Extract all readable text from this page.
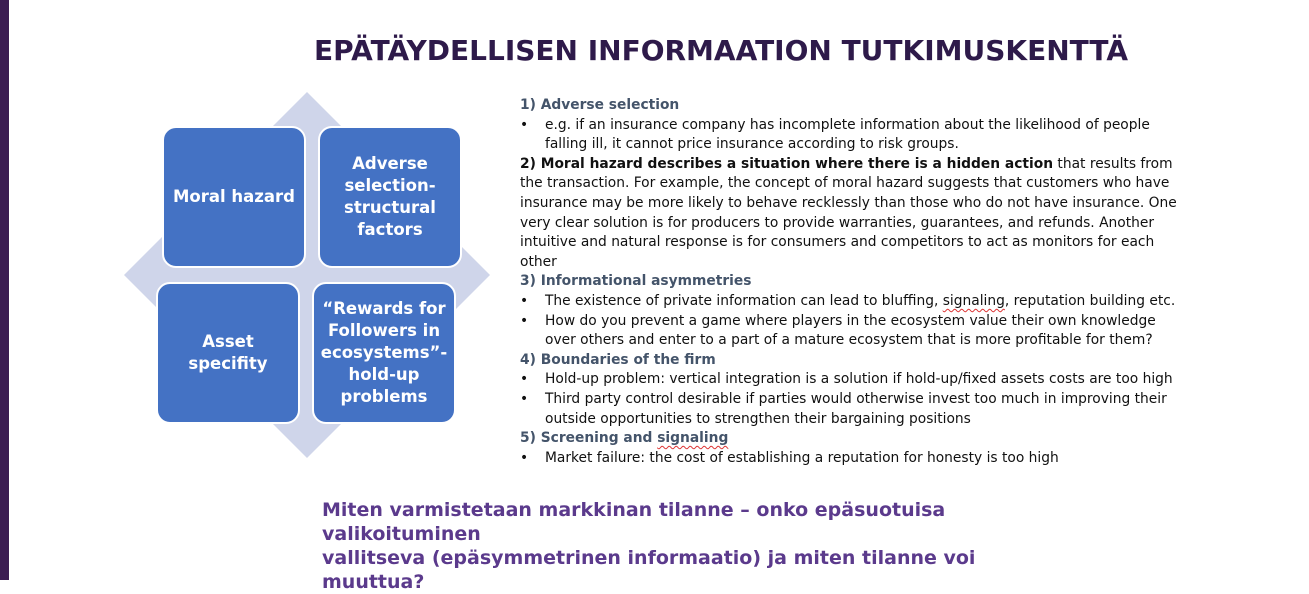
EPÄTÄYDELLISEN INFORMAATION TUTKIMUSKENTTÄ
Moral hazard
Adverse
selection-
structural
factors
Asset
specifity
“Rewards for
Followers in
ecosystems”-
hold-up
problems
1) Adverse selection
• e.g. if an insurance company has incomplete information about the likelihood of people falling ill, it cannot price insurance according to risk groups.

2) Moral hazard describes a situation where there is a hidden action that results from the transaction. For example, the concept of moral hazard suggests that customers who have insurance may be more likely to behave recklessly than those who do not have insurance. One very clear solution is for producers to provide warranties, guarantees, and refunds. Another intuitive and natural response is for consumers and competitors to act as monitors for each other

3) Informational asymmetries
• The existence of private information can lead to bluffing, signaling, reputation building etc.
• How do you prevent a game where players in the ecosystem value their own knowledge over others and enter to a part of a mature ecosystem that is more profitable for them?
4) Boundaries of the firm
• Hold-up problem: vertical integration is a solution if hold-up/fixed assets costs are too high
• Third party control desirable if parties would otherwise invest too much in improving their outside opportunities to strengthen their bargaining positions
5) Screening and signaling
• Market failure: the cost of establishing a reputation for honesty is too high
Miten varmistetaan markkinan tilanne – onko epäsuotuisa valikoituminen
vallitseva (epäsymmetrinen informaatio) ja miten tilanne voi muuttua?
